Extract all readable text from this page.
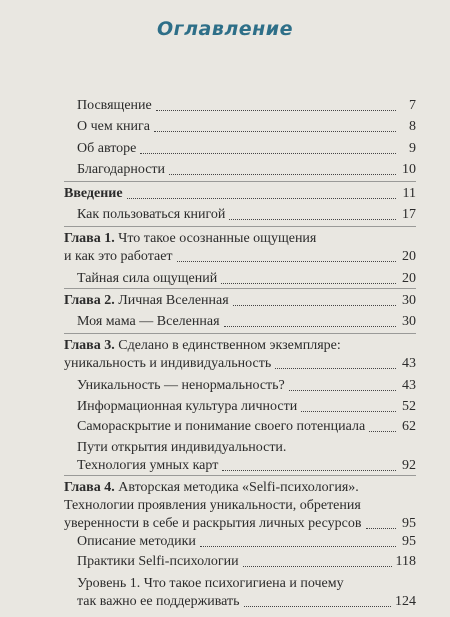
Оглавление
Посвящение	7
О чем книга	8
Об авторе	9
Благодарности	10
Введение	11
Как пользоваться книгой	17
Глава 1. Что такое осознанные ощущения
и как это работает	20
Тайная сила ощущений	20
Глава 2. Личная Вселенная	30
Моя мама — Вселенная	30
Глава 3. Сделано в единственном экземпляре:
уникальность и индивидуальность	43
Уникальность — ненормальность?	43
Информационная культура личности	52
Самораскрытие и понимание своего потенциала	62
Пути открытия индивидуальности.
Технология умных карт	92
Глава 4. Авторская методика «Selfi-психология».
Технологии проявления уникальности, обретения
уверенности в себе и раскрытия личных ресурсов	95
Описание методики	95
Практики Selfi-психологии	118
Уровень 1. Что такое психогигиена и почему
так важно ее поддерживать	124
